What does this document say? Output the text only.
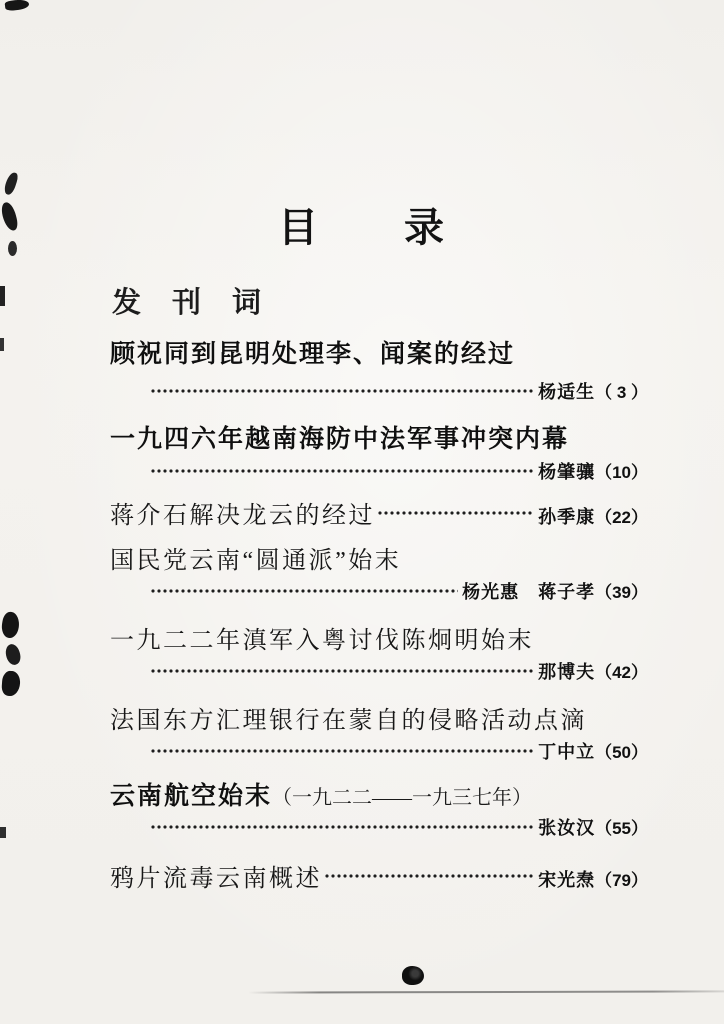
目　　录
发　刊　词
顾祝同到昆明处理李、闻案的经过
杨适生 （ 3 ）
一九四六年越南海防中法军事冲突内幕
杨肇骧 （10）
蒋介石解决龙云的经过	孙季康 （22）
国民党云南“圆通派”始末
杨光惠　蒋子孝 （39）
一九二二年滇军入粤讨伐陈炯明始末
那博夫 （42）
法国东方汇理银行在蒙自的侵略活动点滴
丁中立 （50）
云南航空始末 （一九二二——一九三七年）
张汝汉 （55）
鸦片流毒云南概述	宋光焘 （79）
